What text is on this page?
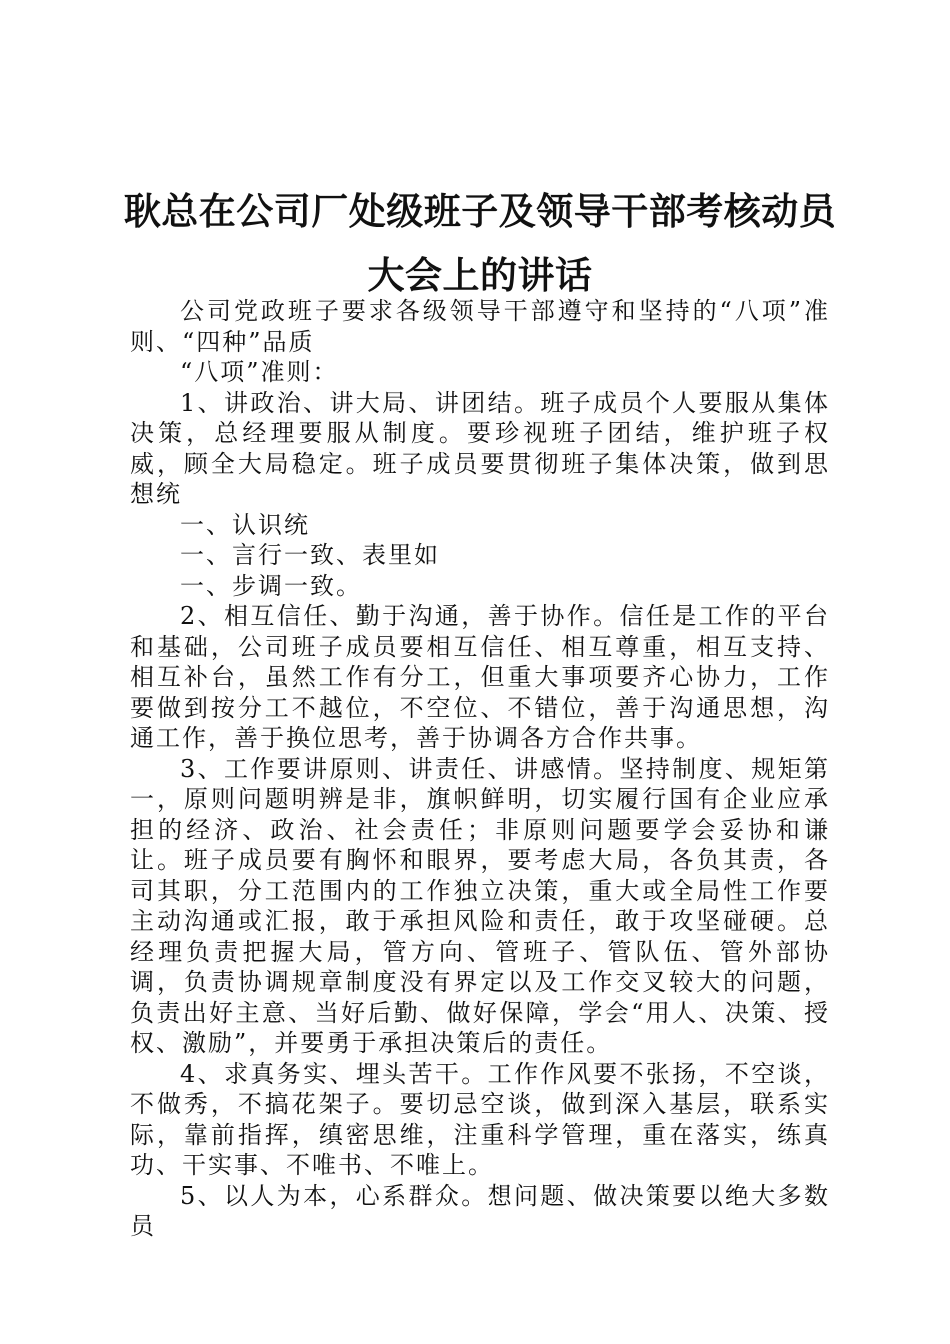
耿总在公司厂处级班子及领导干部考核动员大会上的讲话

公司党政班子要求各级领导干部遵守和坚持的“八项”准则、“四种”品质

“八项”准则：

1、讲政治、讲大局、讲团结。班子成员个人要服从集体决策，总经理要服从制度。要珍视班子团结，维护班子权威，顾全大局稳定。班子成员要贯彻班子集体决策，做到思想统

一、认识统

一、言行一致、表里如

一、步调一致。

2、相互信任、勤于沟通，善于协作。信任是工作的平台和基础，公司班子成员要相互信任、相互尊重，相互支持、相互补台，虽然工作有分工，但重大事项要齐心协力，工作要做到按分工不越位，不空位、不错位，善于沟通思想，沟通工作，善于换位思考，善于协调各方合作共事。

3、工作要讲原则、讲责任、讲感情。坚持制度、规矩第一，原则问题明辨是非，旗帜鲜明，切实履行国有企业应承担的经济、政治、社会责任；非原则问题要学会妥协和谦让。班子成员要有胸怀和眼界，要考虑大局，各负其责，各司其职，分工范围内的工作独立决策，重大或全局性工作要主动沟通或汇报，敢于承担风险和责任，敢于攻坚碰硬。总经理负责把握大局，管方向、管班子、管队伍、管外部协调，负责协调规章制度没有界定以及工作交叉较大的问题，负责出好主意、当好后勤、做好保障，学会“用人、决策、授权、激励”，并要勇于承担决策后的责任。

4、求真务实、埋头苦干。工作作风要不张扬，不空谈，不做秀，不搞花架子。要切忌空谈，做到深入基层，联系实际，靠前指挥，缜密思维，注重科学管理，重在落实，练真功、干实事、不唯书、不唯上。

5、以人为本，心系群众。想问题、做决策要以绝大多数员
